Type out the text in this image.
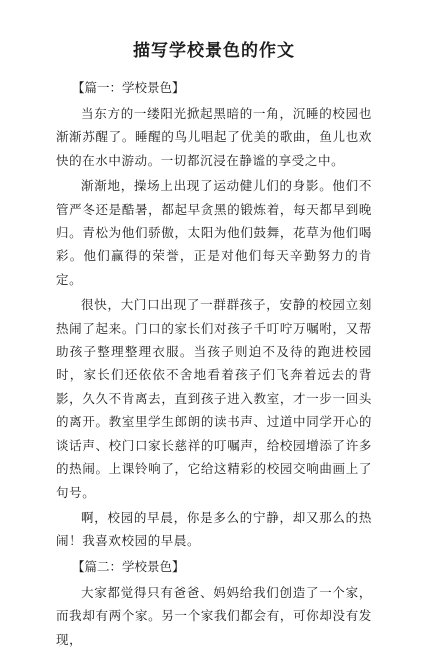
描写学校景色的作文
【篇一：学校景色】

当东方的一缕阳光掀起黑暗的一角，沉睡的校园也渐渐苏醒了。睡醒的鸟儿唱起了优美的歌曲，鱼儿也欢快的在水中游动。一切都沉浸在静谧的享受之中。

渐渐地，操场上出现了运动健儿们的身影。他们不管严冬还是酷暑，都起早贪黑的锻炼着，每天都早到晚归。青松为他们骄傲，太阳为他们鼓舞，花草为他们喝彩。他们赢得的荣誉，正是对他们每天辛勤努力的肯定。

很快，大门口出现了一群群孩子，安静的校园立刻热闹了起来。门口的家长们对孩子千叮咛万嘱咐，又帮助孩子整理整理衣服。当孩子则迫不及待的跑进校园时，家长们还依依不舍地看着孩子们飞奔着远去的背影，久久不肯离去，直到孩子进入教室，才一步一回头的离开。教室里学生郎朗的读书声、过道中同学开心的谈话声、校门口家长慈祥的叮嘱声，给校园增添了许多的热闹。上课铃响了，它给这精彩的校园交响曲画上了句号。

啊，校园的早晨，你是多么的宁静，却又那么的热闹！我喜欢校园的早晨。

【篇二：学校景色】

大家都觉得只有爸爸、妈妈给我们创造了一个家，而我却有两个家。另一个家我们都会有，可你却没有发现，
